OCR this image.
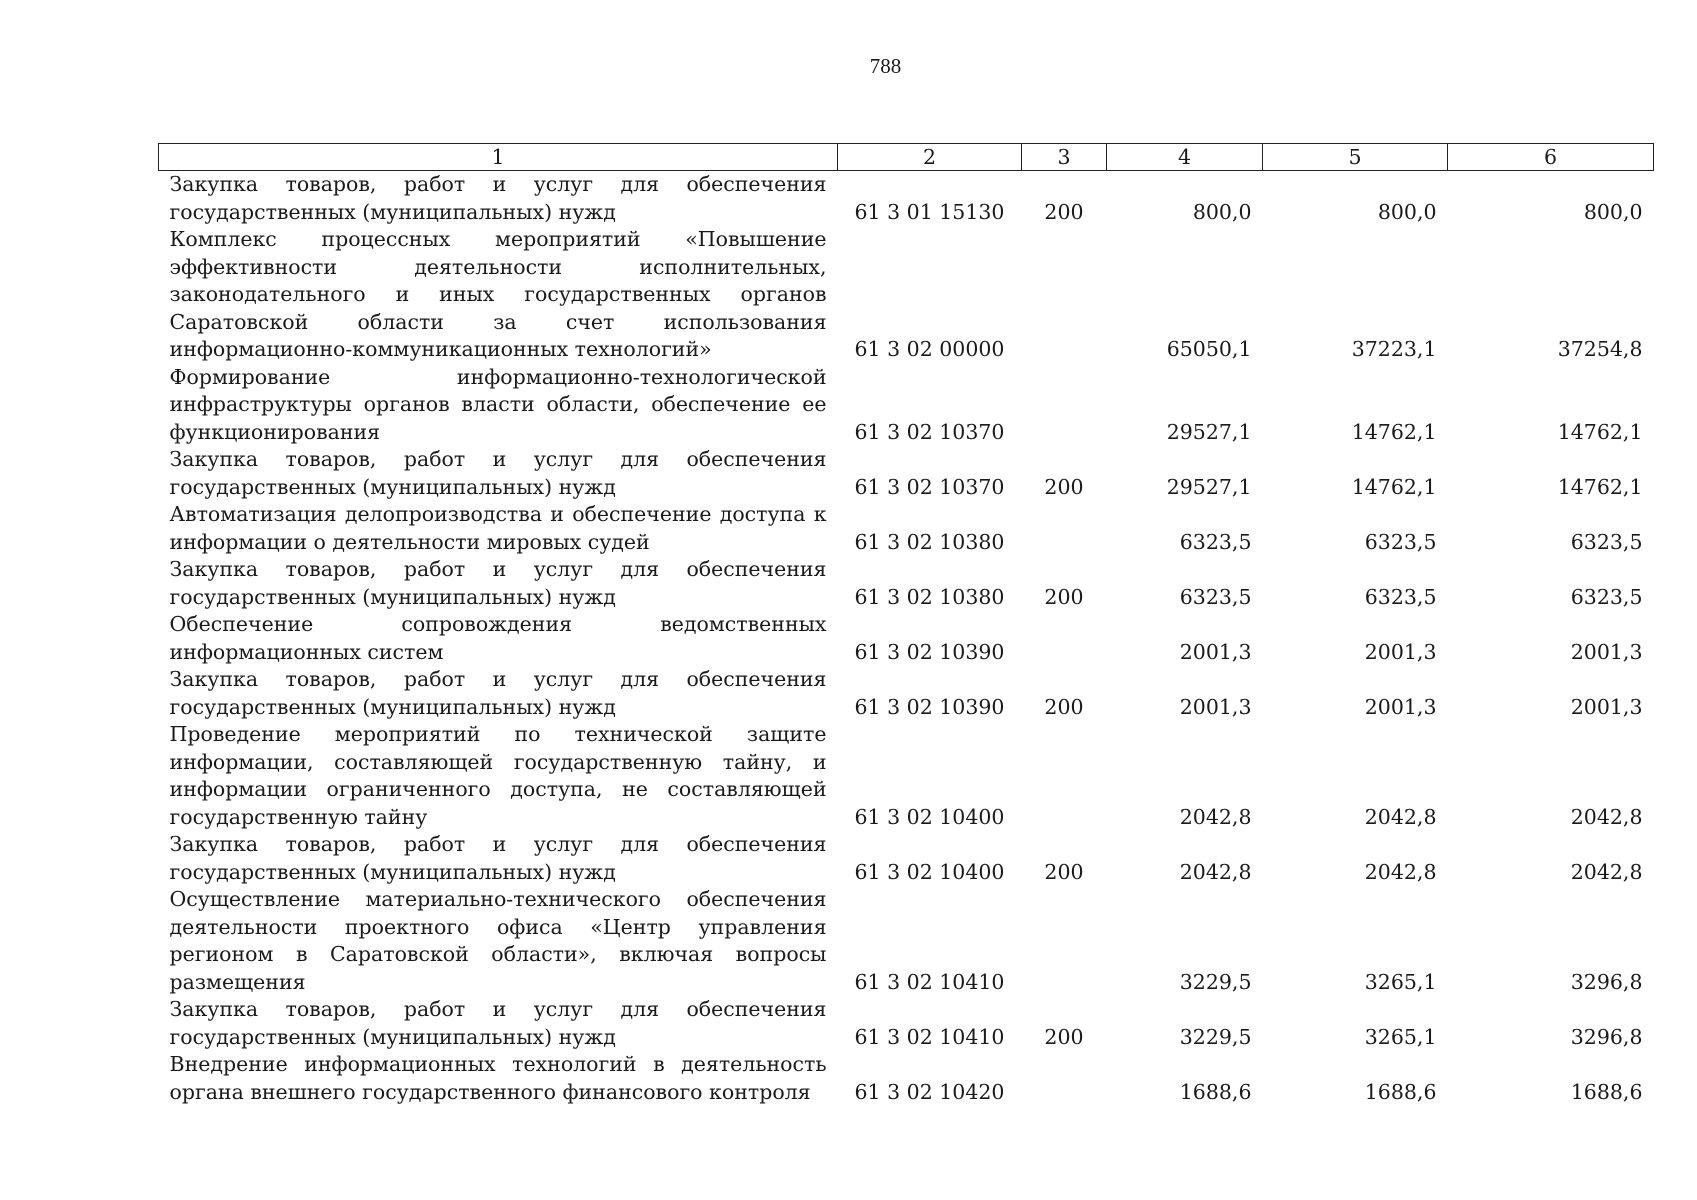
788
1	2	3	4	5	6
Закупка товаров, работ и услуг для обеспечения государственных (муниципальных) нужд	61 3 01 15130	200	800,0	800,0	800,0
Комплекс процессных мероприятий «Повышение эффективности деятельности исполнительных, законодательного и иных государственных органов Саратовской области за счет использования информационно-коммуникационных технологий»	61 3 02 00000		65050,1	37223,1	37254,8
Формирование информационно-технологической инфраструктуры органов власти области, обеспечение ее функционирования	61 3 02 10370		29527,1	14762,1	14762,1
Закупка товаров, работ и услуг для обеспечения государственных (муниципальных) нужд	61 3 02 10370	200	29527,1	14762,1	14762,1
Автоматизация делопроизводства и обеспечение доступа к информации о деятельности мировых судей	61 3 02 10380		6323,5	6323,5	6323,5
Закупка товаров, работ и услуг для обеспечения государственных (муниципальных) нужд	61 3 02 10380	200	6323,5	6323,5	6323,5
Обеспечение сопровождения ведомственных информационных систем	61 3 02 10390		2001,3	2001,3	2001,3
Закупка товаров, работ и услуг для обеспечения государственных (муниципальных) нужд	61 3 02 10390	200	2001,3	2001,3	2001,3
Проведение мероприятий по технической защите информации, составляющей государственную тайну, и информации ограниченного доступа, не составляющей государственную тайну	61 3 02 10400		2042,8	2042,8	2042,8
Закупка товаров, работ и услуг для обеспечения государственных (муниципальных) нужд	61 3 02 10400	200	2042,8	2042,8	2042,8
Осуществление материально-технического обеспечения деятельности проектного офиса «Центр управления регионом в Саратовской области», включая вопросы размещения	61 3 02 10410		3229,5	3265,1	3296,8
Закупка товаров, работ и услуг для обеспечения государственных (муниципальных) нужд	61 3 02 10410	200	3229,5	3265,1	3296,8
Внедрение информационных технологий в деятельность органа внешнего государственного финансового контроля	61 3 02 10420		1688,6	1688,6	1688,6
